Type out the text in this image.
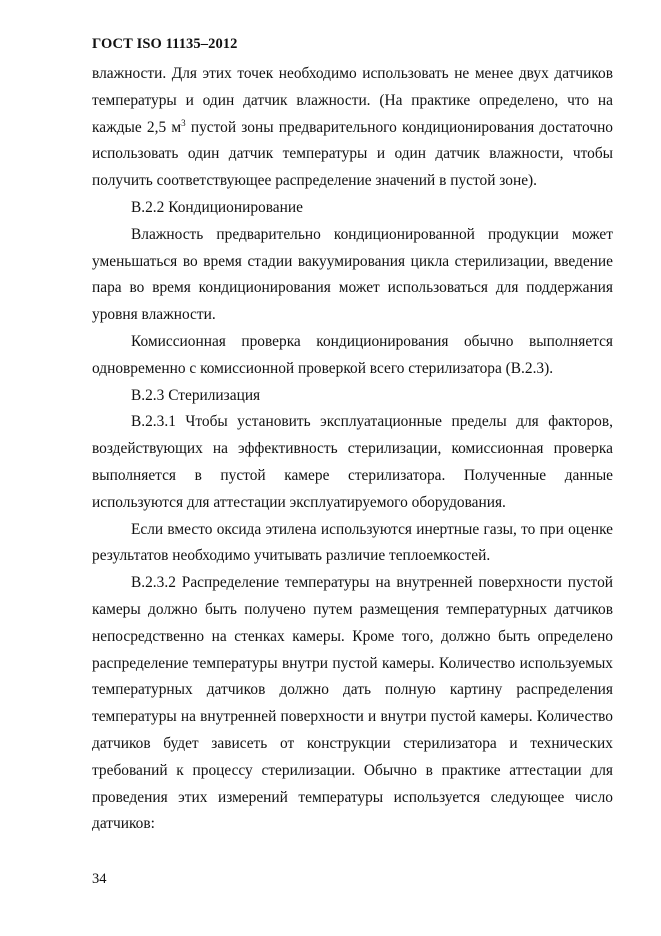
ГОСТ ISO 11135–2012

влажности. Для этих точек необходимо использовать не менее двух датчиков температуры и один датчик влажности. (На практике определено, что на каждые 2,5 $м^3$ пустой зоны предварительного кондиционирования достаточно использовать один датчик температуры и один датчик влажности, чтобы получить соответствующее распределение значений в пустой зоне).

В.2.2 Кондиционирование

Влажность предварительно кондиционированной продукции может уменьшаться во время стадии вакуумирования цикла стерилизации, введение пара во время кондиционирования может использоваться для поддержания уровня влажности.

Комиссионная проверка кондиционирования обычно выполняется одновременно с комиссионной проверкой всего стерилизатора (В.2.3).

В.2.3 Стерилизация

В.2.3.1 Чтобы установить эксплуатационные пределы для факторов, воздействующих на эффективность стерилизации, комиссионная проверка выполняется в пустой камере стерилизатора. Полученные данные используются для аттестации эксплуатируемого оборудования.

Если вместо оксида этилена используются инертные газы, то при оценке результатов необходимо учитывать различие теплоемкостей.

В.2.3.2 Распределение температуры на внутренней поверхности пустой камеры должно быть получено путем размещения температурных датчиков непосредственно на стенках камеры. Кроме того, должно быть определено распределение температуры внутри пустой камеры. Количество используемых температурных датчиков должно дать полную картину распределения температуры на внутренней поверхности и внутри пустой камеры. Количество датчиков будет зависеть от конструкции стерилизатора и технических требований к процессу стерилизации. Обычно в практике аттестации для проведения этих измерений температуры используется следующее число датчиков:

34
